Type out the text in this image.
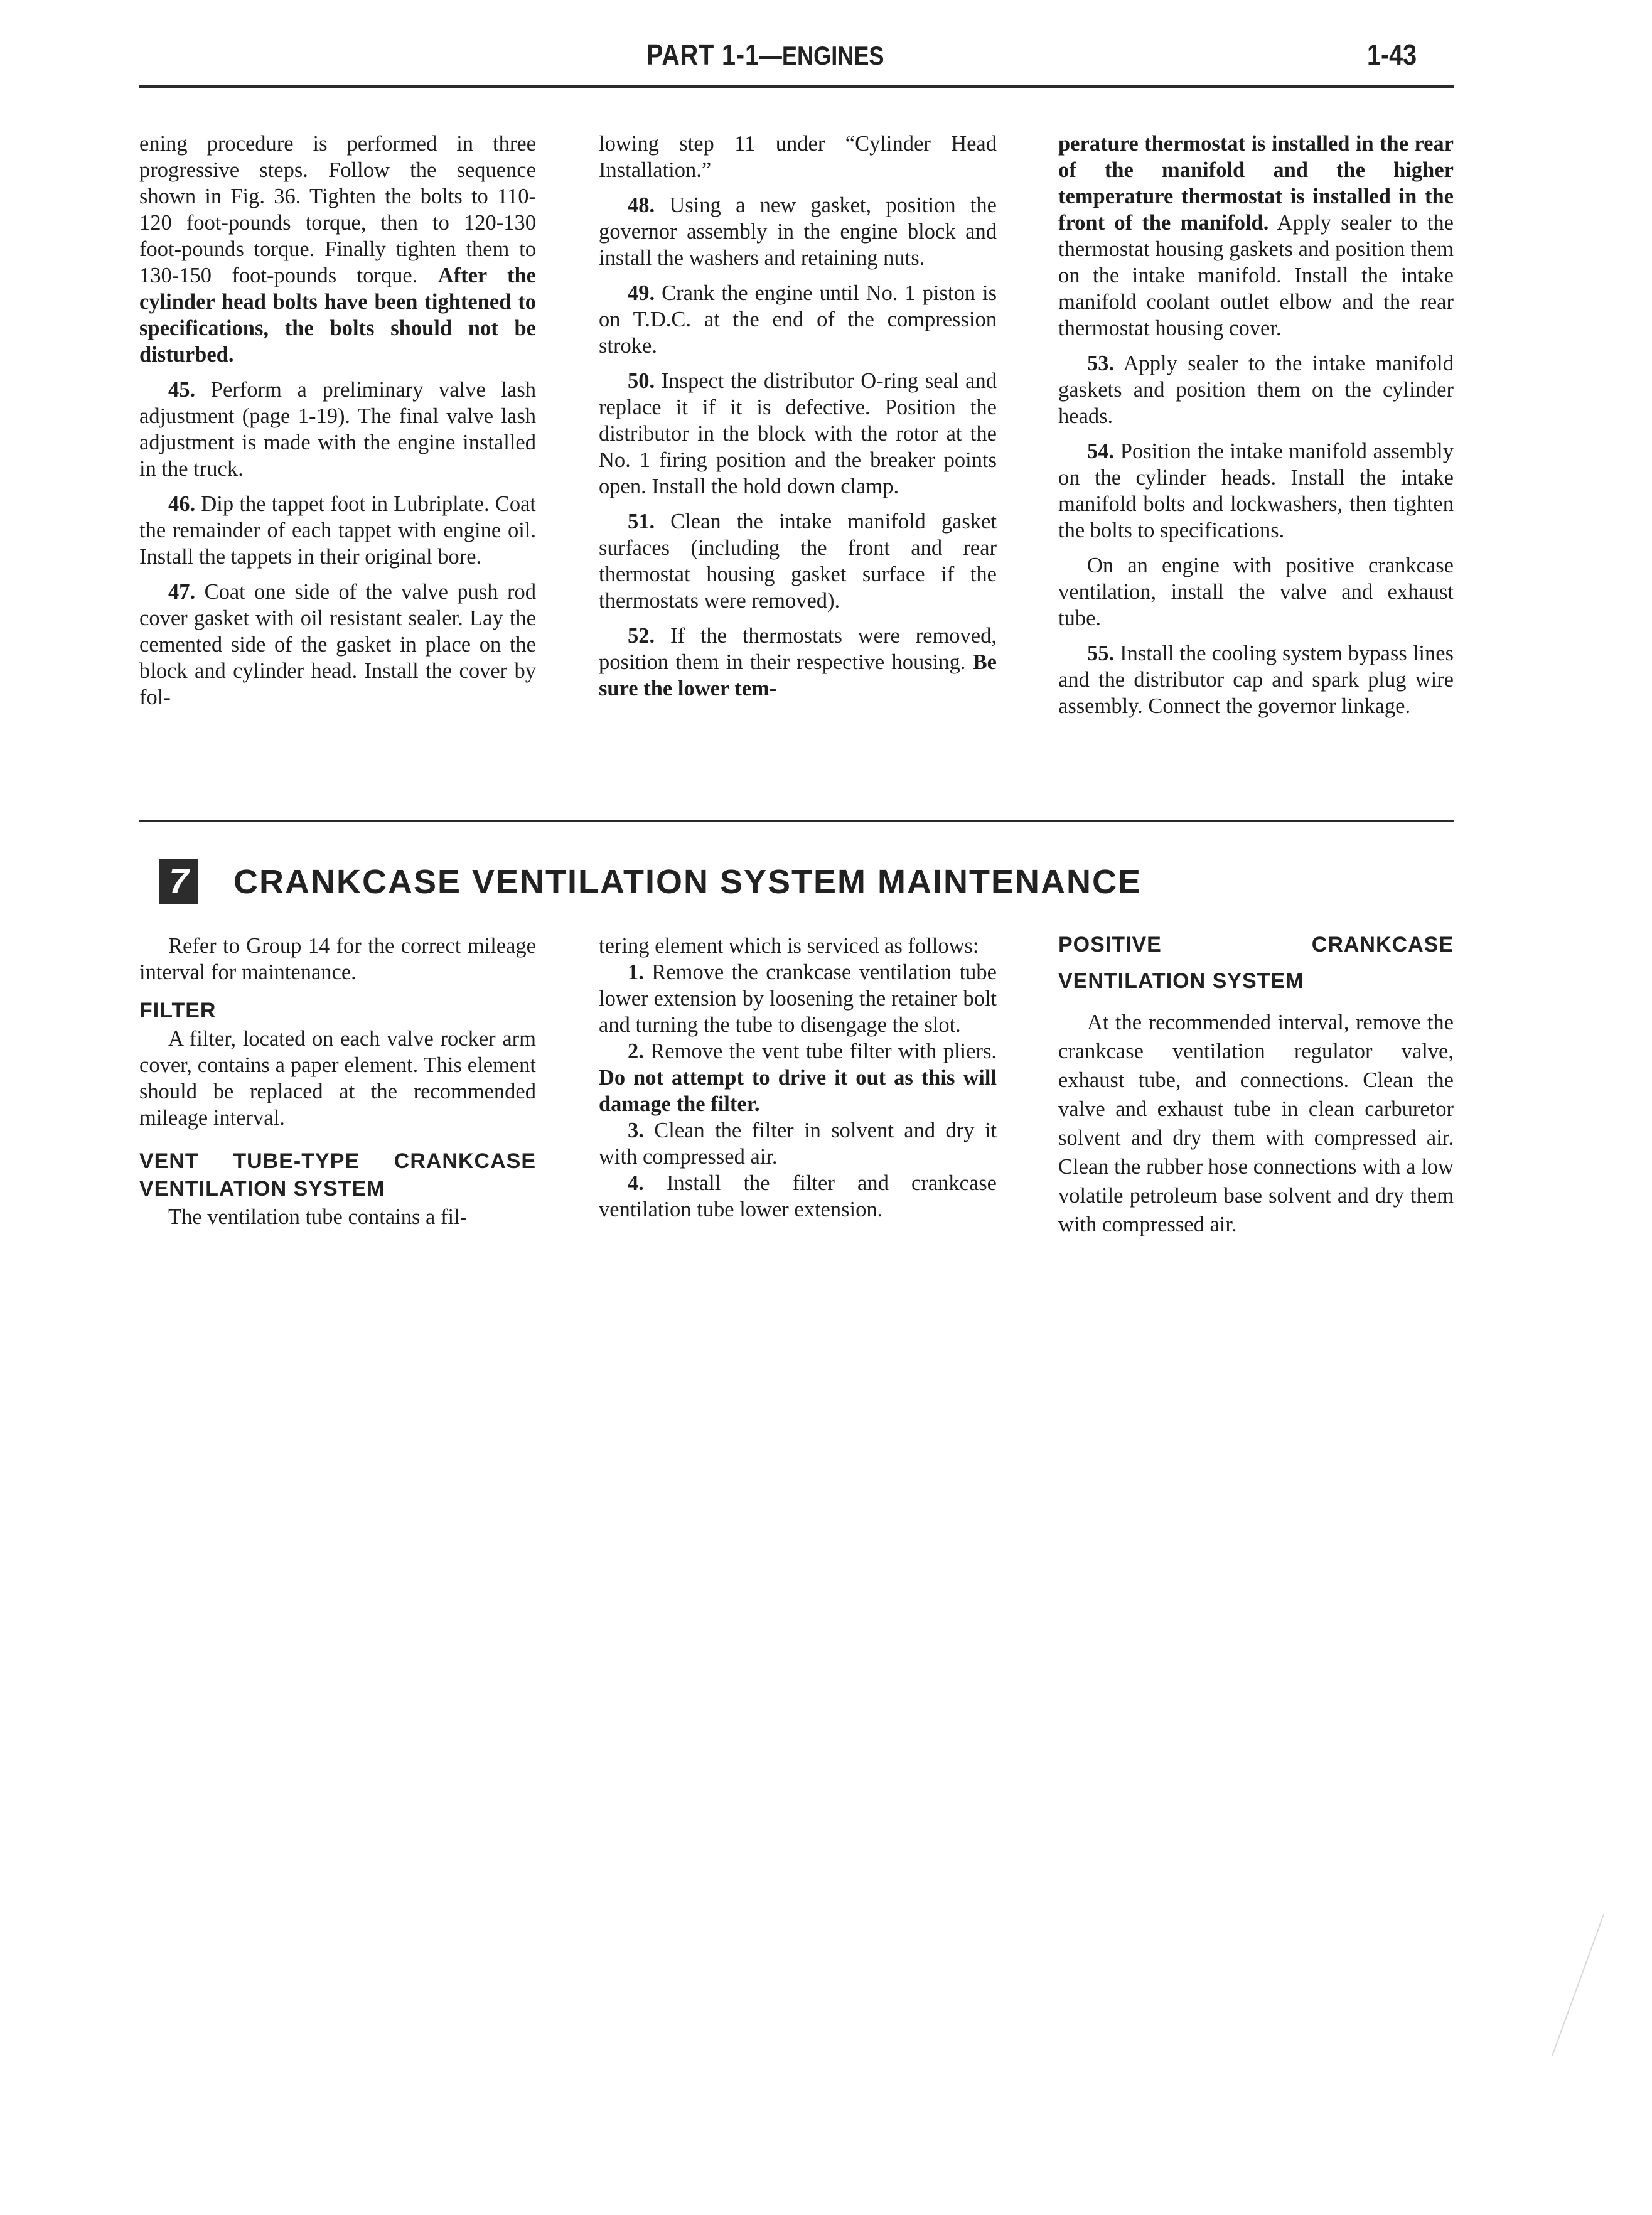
PART 1-1—ENGINES	1-43

ening procedure is performed in three progressive steps. Follow the sequence shown in Fig. 36. Tighten the bolts to 110-120 foot-pounds torque, then to 120-130 foot-pounds torque. Finally tighten them to 130-150 foot-pounds torque. After the cylinder head bolts have been tightened to specifications, the bolts should not be disturbed.

45. Perform a preliminary valve lash adjustment (page 1-19). The final valve lash adjustment is made with the engine installed in the truck.

46. Dip the tappet foot in Lubriplate. Coat the remainder of each tappet with engine oil. Install the tappets in their original bore.

47. Coat one side of the valve push rod cover gasket with oil resistant sealer. Lay the cemented side of the gasket in place on the block and cylinder head. Install the cover by fol-

lowing step 11 under “Cylinder Head Installation.”

48. Using a new gasket, position the governor assembly in the engine block and install the washers and retaining nuts.

49. Crank the engine until No. 1 piston is on T.D.C. at the end of the compression stroke.

50. Inspect the distributor O-ring seal and replace it if it is defective. Position the distributor in the block with the rotor at the No. 1 firing position and the breaker points open. Install the hold down clamp.

51. Clean the intake manifold gasket surfaces (including the front and rear thermostat housing gasket surface if the thermostats were removed).

52. If the thermostats were removed, position them in their respective housing. Be sure the lower tem-

perature thermostat is installed in the rear of the manifold and the higher temperature thermostat is installed in the front of the manifold. Apply sealer to the thermostat housing gaskets and position them on the intake manifold. Install the intake manifold coolant outlet elbow and the rear thermostat housing cover.

53. Apply sealer to the intake manifold gaskets and position them on the cylinder heads.

54. Position the intake manifold assembly on the cylinder heads. Install the intake manifold bolts and lockwashers, then tighten the bolts to specifications.

On an engine with positive crankcase ventilation, install the valve and exhaust tube.

55. Install the cooling system bypass lines and the distributor cap and spark plug wire assembly. Connect the governor linkage.

7 CRANKCASE VENTILATION SYSTEM MAINTENANCE

Refer to Group 14 for the correct mileage interval for maintenance.

FILTER

A filter, located on each valve rocker arm cover, contains a paper element. This element should be replaced at the recommended mileage interval.

VENT TUBE-TYPE CRANKCASE VENTILATION SYSTEM

The ventilation tube contains a fil-

tering element which is serviced as follows:

1. Remove the crankcase ventilation tube lower extension by loosening the retainer bolt and turning the tube to disengage the slot.

2. Remove the vent tube filter with pliers. Do not attempt to drive it out as this will damage the filter.

3. Clean the filter in solvent and dry it with compressed air.

4. Install the filter and crankcase ventilation tube lower extension.

POSITIVE CRANKCASE VENTILATION SYSTEM

At the recommended interval, remove the crankcase ventilation regulator valve, exhaust tube, and connections. Clean the valve and exhaust tube in clean carburetor solvent and dry them with compressed air. Clean the rubber hose connections with a low volatile petroleum base solvent and dry them with compressed air.
